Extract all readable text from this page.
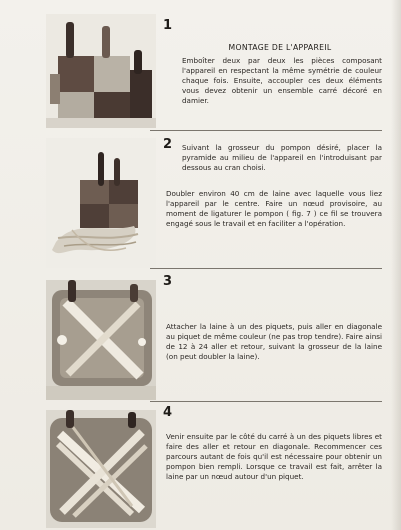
1
MONTAGE DE L'APPAREIL

Emboîter deux par deux les pièces composant l'appareil en respectant la même symétrie de couleur chaque fois. Ensuite, accoupler ces deux éléments vous devez obtenir un ensemble carré décoré en damier.

2 Suivant la grosseur du pompon désiré, placer la pyramide au milieu de l'appareil en l'introduisant par dessous au cran choisi.

Doubler environ 40 cm de laine avec laquelle vous liez l'appareil par le centre. Faire un nœud provisoire, au moment de ligaturer le pompon ( fig. 7 ) ce fil se trouvera engagé sous le travail et en faciliter a l'opération.

3

Attacher la laine à un des piquets, puis aller en diagonale au piquet de même couleur (ne pas trop tendre). Faire ainsi de 12 à 24 aller et retour, suivant la grosseur de la laine (on peut doubler la laine).

4

Venir ensuite par le côté du carré à un des piquets libres et faire des aller et retour en diagonale. Recommencer ces parcours autant de fois qu'il est nécessaire pour obtenir un pompon bien rempli. Lorsque ce travail est fait, arrêter la laine par un nœud autour d'un piquet.
